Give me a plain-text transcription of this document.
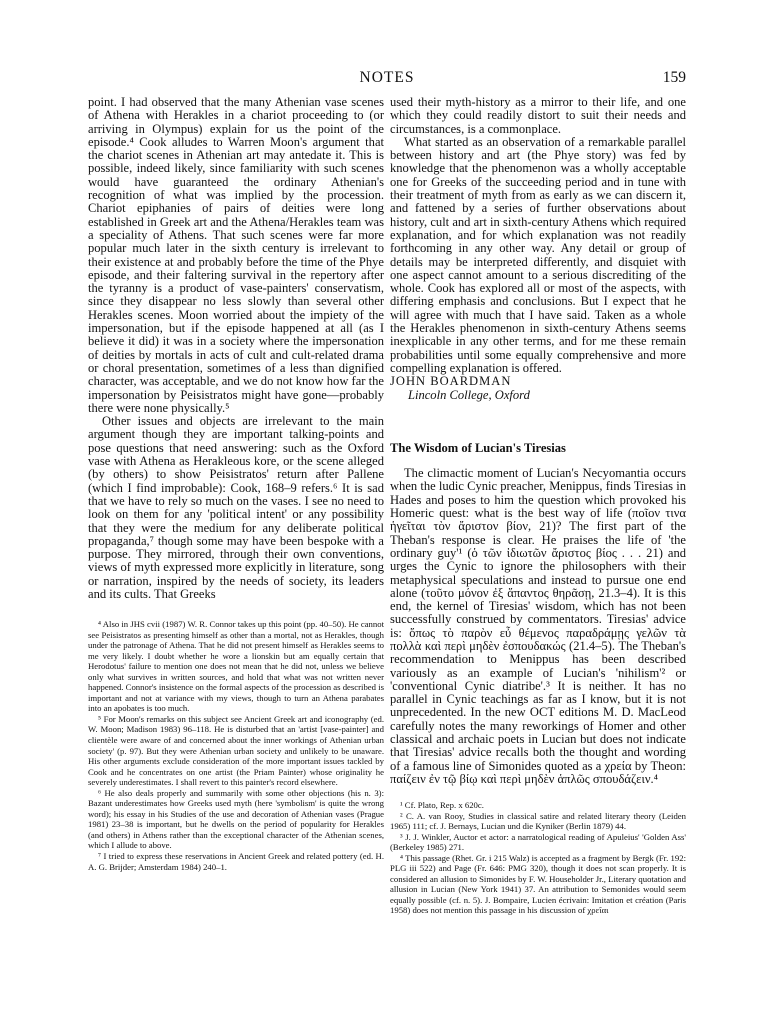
NOTES	159

point. I had observed that the many Athenian vase scenes of Athena with Herakles in a chariot proceeding to (or arriving in Olympus) explain for us the point of the episode.⁴ Cook alludes to Warren Moon's argument that the chariot scenes in Athenian art may antedate it. This is possible, indeed likely, since familiarity with such scenes would have guaranteed the ordinary Athenian's recognition of what was implied by the procession. Chariot epiphanies of pairs of deities were long established in Greek art and the Athena/Herakles team was a speciality of Athens. That such scenes were far more popular much later in the sixth century is irrelevant to their existence at and probably before the time of the Phye episode, and their faltering survival in the repertory after the tyranny is a product of vase-painters' conservatism, since they disappear no less slowly than several other Herakles scenes. Moon worried about the impiety of the impersonation, but if the episode happened at all (as I believe it did) it was in a society where the impersonation of deities by mortals in acts of cult and cult-related drama or choral presentation, sometimes of a less than dignified character, was acceptable, and we do not know how far the impersonation by Peisistratos might have gone—probably there were none physically.⁵

Other issues and objects are irrelevant to the main argument though they are important talking-points and pose questions that need answering: such as the Oxford vase with Athena as Herakleous kore, or the scene alleged (by others) to show Peisistratos' return after Pallene (which I find improbable): Cook, 168–9 refers.⁶ It is sad that we have to rely so much on the vases. I see no need to look on them for any 'political intent' or any possibility that they were the medium for any deliberate political propaganda,⁷ though some may have been bespoke with a purpose. They mirrored, through their own conventions, views of myth expressed more explicitly in literature, song or narration, inspired by the needs of society, its leaders and its cults. That Greeks

⁴ Also in JHS cvii (1987) W. R. Connor takes up this point (pp. 40–50). He cannot see Peisistratos as presenting himself as other than a mortal, not as Herakles, though under the patronage of Athena. That he did not present himself as Herakles seems to me very likely. I doubt whether he wore a lionskin but am equally certain that Herodotus' failure to mention one does not mean that he did not, unless we believe only what survives in written sources, and hold that what was not written never happened. Connor's insistence on the formal aspects of the procession as described is important and not at variance with my views, though to turn an Athena parabates into an apobates is too much.

⁵ For Moon's remarks on this subject see Ancient Greek art and iconography (ed. W. Moon; Madison 1983) 96–118. He is disturbed that an 'artist [vase-painter] and clientèle were aware of and concerned about the inner workings of Athenian urban society' (p. 97). But they were Athenian urban society and unlikely to be unaware. His other arguments exclude consideration of the more important issues tackled by Cook and he concentrates on one artist (the Priam Painter) whose originality he severely underestimates. I shall revert to this painter's record elsewhere.

⁶ He also deals properly and summarily with some other objections (his n. 3): Bazant underestimates how Greeks used myth (here 'symbolism' is quite the wrong word); his essay in his Studies of the use and decoration of Athenian vases (Prague 1981) 23–38 is important, but he dwells on the period of popularity for Herakles (and others) in Athens rather than the exceptional character of the Athenian scenes, which I allude to above.

⁷ I tried to express these reservations in Ancient Greek and related pottery (ed. H. A. G. Brijder; Amsterdam 1984) 240–1.

used their myth-history as a mirror to their life, and one which they could readily distort to suit their needs and circumstances, is a commonplace.

What started as an observation of a remarkable parallel between history and art (the Phye story) was fed by knowledge that the phenomenon was a wholly acceptable one for Greeks of the succeeding period and in tune with their treatment of myth from as early as we can discern it, and fattened by a series of further observations about history, cult and art in sixth-century Athens which required explanation, and for which explanation was not readily forthcoming in any other way. Any detail or group of details may be interpreted differently, and disquiet with one aspect cannot amount to a serious discrediting of the whole. Cook has explored all or most of the aspects, with differing emphasis and conclusions. But I expect that he will agree with much that I have said. Taken as a whole the Herakles phenomenon in sixth-century Athens seems inexplicable in any other terms, and for me these remain probabilities until some equally comprehensive and more compelling explanation is offered.

JOHN BOARDMAN

Lincoln College, Oxford

The Wisdom of Lucian's Tiresias

The climactic moment of Lucian's Necyomantia occurs when the ludic Cynic preacher, Menippus, finds Tiresias in Hades and poses to him the question which provoked his Homeric quest: what is the best way of life (ποῖον τινα ἡγεῖται τὸν ἄριστον βίον, 21)? The first part of the Theban's response is clear. He praises the life of 'the ordinary guy'¹ (ὁ τῶν ἰδιωτῶν ἄριστος βίος . . . 21) and urges the Cynic to ignore the philosophers with their metaphysical speculations and instead to pursue one end alone (τοῦτο μόνον ἐξ ἅπαντος θηρᾶσῃ, 21.3–4). It is this end, the kernel of Tiresias' wisdom, which has not been successfully construed by commentators. Tiresias' advice is: ὅπως τὸ παρὸν εὖ θέμενος παραδράμῃς γελῶν τὰ πολλὰ καὶ περὶ μηδὲν ἐσπουδακώς (21.4–5). The Theban's recommendation to Menippus has been described variously as an example of Lucian's 'nihilism'² or 'conventional Cynic diatribe'.³ It is neither. It has no parallel in Cynic teachings as far as I know, but it is not unprecedented. In the new OCT editions M. D. MacLeod carefully notes the many reworkings of Homer and other classical and archaic poets in Lucian but does not indicate that Tiresias' advice recalls both the thought and wording of a famous line of Simonides quoted as a χρεία by Theon: παίζειν ἐν τῷ βίῳ καὶ περὶ μηδὲν ἁπλῶς σπουδάζειν.⁴

¹ Cf. Plato, Rep. x 620c.

² C. A. van Rooy, Studies in classical satire and related literary theory (Leiden 1965) 111; cf. J. Bernays, Lucian und die Kyniker (Berlin 1879) 44.

³ J. J. Winkler, Auctor et actor: a narratological reading of Apuleius' 'Golden Ass' (Berkeley 1985) 271.

⁴ This passage (Rhet. Gr. i 215 Walz) is accepted as a fragment by Bergk (Fr. 192: PLG iii 522) and Page (Fr. 646: PMG 320), though it does not scan properly. It is considered an allusion to Simonides by F. W. Householder Jr., Literary quotation and allusion in Lucian (New York 1941) 37. An attribution to Semonides would seem equally possible (cf. n. 5). J. Bompaire, Lucien écrivain: Imitation et création (Paris 1958) does not mention this passage in his discussion of χρεῖαι
